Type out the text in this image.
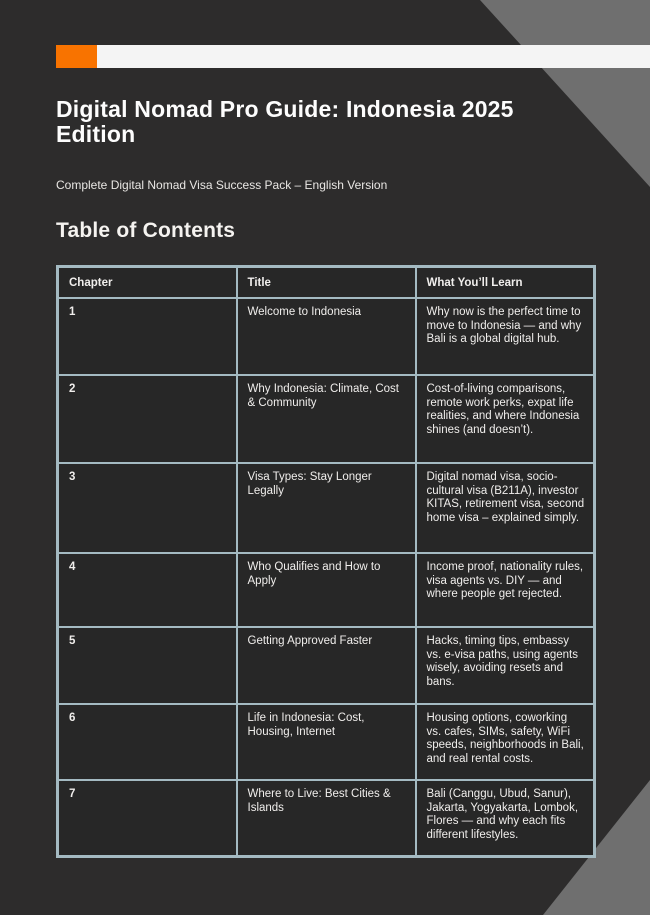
Digital Nomad Pro Guide: Indonesia 2025
Edition
Complete Digital Nomad Visa Success Pack – English Version
Table of Contents
Chapter	Title	What You’ll Learn
1	Welcome to Indonesia	Why now is the perfect time to move to Indonesia — and why Bali is a global digital hub.
2	Why Indonesia: Climate, Cost & Community	Cost-of-living comparisons, remote work perks, expat life realities, and where Indonesia shines (and doesn’t).
3	Visa Types: Stay Longer Legally	Digital nomad visa, socio-cultural visa (B211A), investor KITAS, retirement visa, second home visa – explained simply.
4	Who Qualifies and How to Apply	Income proof, nationality rules, visa agents vs. DIY — and where people get rejected.
5	Getting Approved Faster	Hacks, timing tips, embassy vs. e-visa paths, using agents wisely, avoiding resets and bans.
6	Life in Indonesia: Cost, Housing, Internet	Housing options, coworking vs. cafes, SIMs, safety, WiFi speeds, neighborhoods in Bali, and real rental costs.
7	Where to Live: Best Cities & Islands	Bali (Canggu, Ubud, Sanur), Jakarta, Yogyakarta, Lombok, Flores — and why each fits different lifestyles.
